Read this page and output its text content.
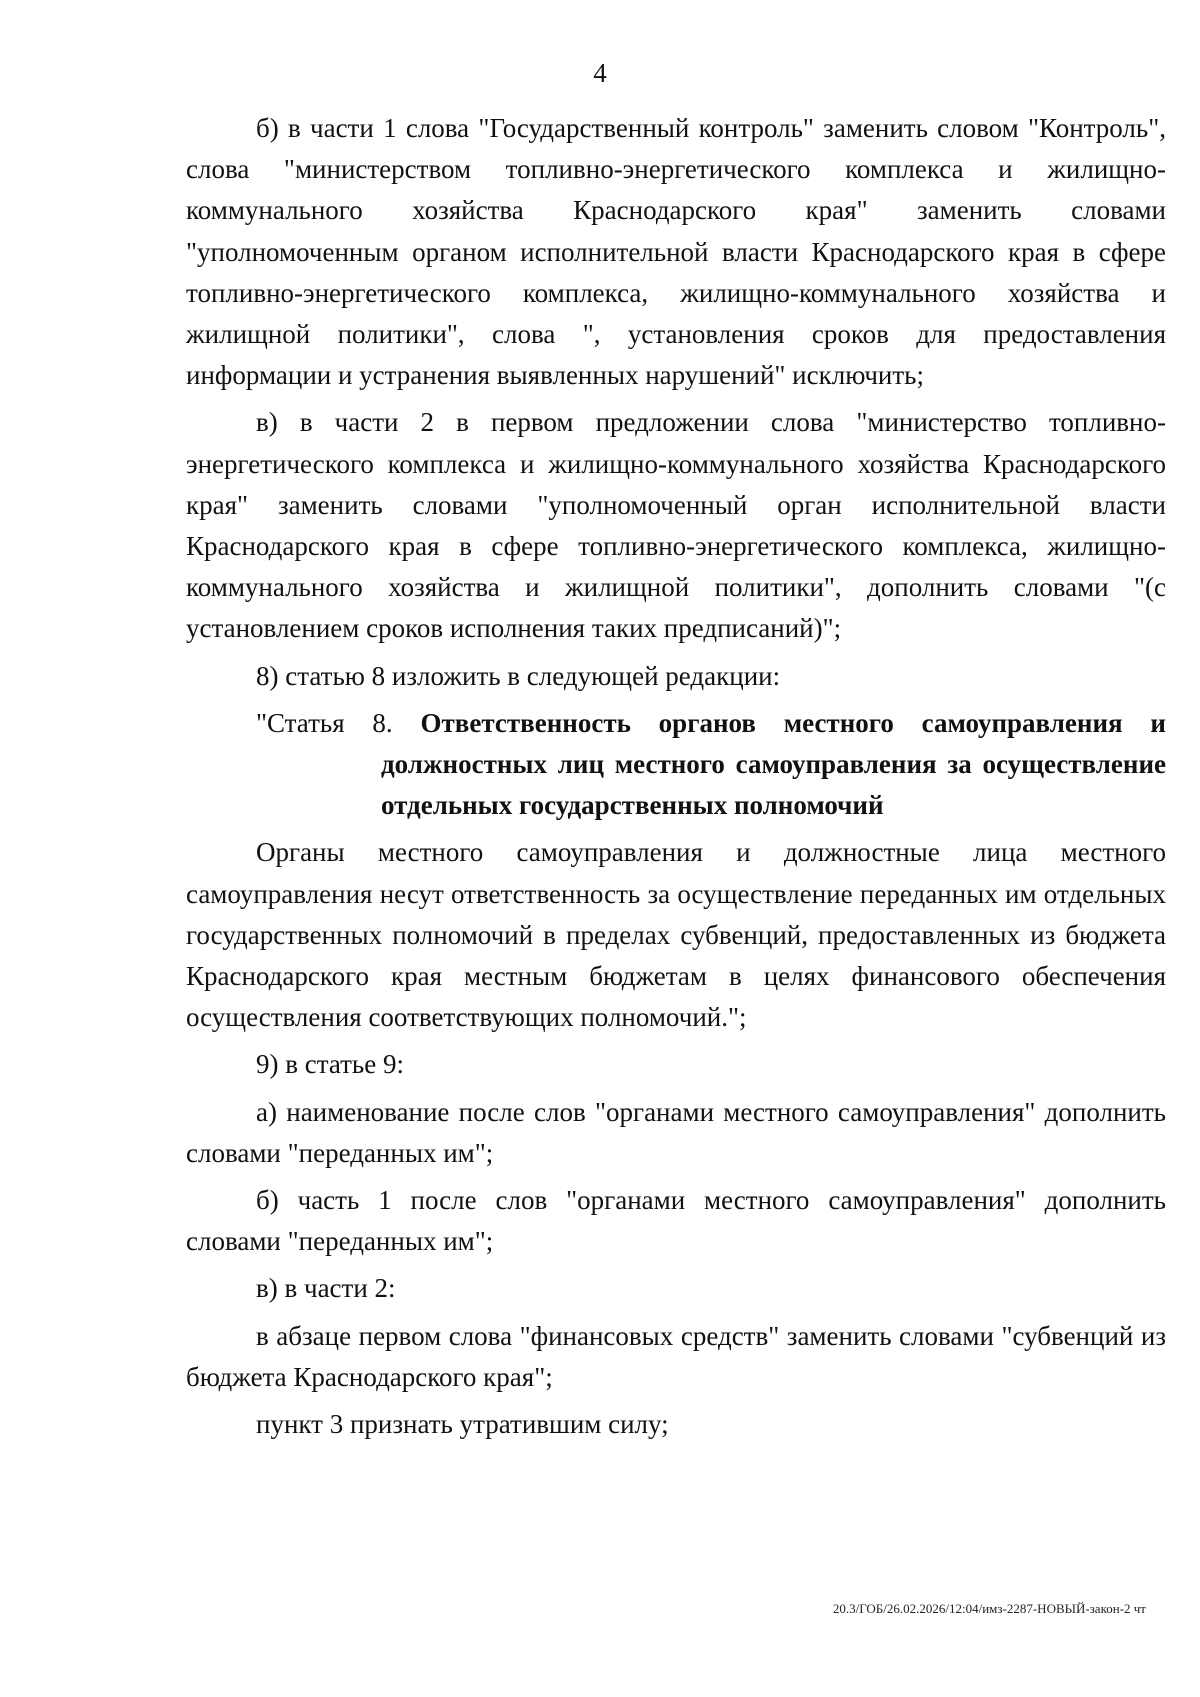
4

б) в части 1 слова "Государственный контроль" заменить словом "Контроль", слова "министерством топливно-энергетического комплекса и жилищно-коммунального хозяйства Краснодарского края" заменить словами "уполномоченным органом исполнительной власти Краснодарского края в сфере топливно-энергетического комплекса, жилищно-коммунального хозяйства и жилищной политики", слова ", установления сроков для предоставления информации и устранения выявленных нарушений" исключить;

в) в части 2 в первом предложении слова "министерство топливно-энергетического комплекса и жилищно-коммунального хозяйства Краснодарского края" заменить словами "уполномоченный орган исполнительной власти Краснодарского края в сфере топливно-энергетического комплекса, жилищно-коммунального хозяйства и жилищной политики", дополнить словами "(с установлением сроков исполнения таких предписаний)";

8) статью 8 изложить в следующей редакции:

"Статья 8. Ответственность органов местного самоуправления и должностных лиц местного самоуправления за осуществление отдельных государственных полномочий

Органы местного самоуправления и должностные лица местного самоуправления несут ответственность за осуществление переданных им отдельных государственных полномочий в пределах субвенций, предоставленных из бюджета Краснодарского края местным бюджетам в целях финансового обеспечения осуществления соответствующих полномочий.";

9) в статье 9:

а) наименование после слов "органами местного самоуправления" дополнить словами "переданных им";

б) часть 1 после слов "органами местного самоуправления" дополнить словами "переданных им";

в) в части 2:

в абзаце первом слова "финансовых средств" заменить словами "субвенций из бюджета Краснодарского края";

пункт 3 признать утратившим силу;

20.3/ГОБ/26.02.2026/12:04/имз-2287-НОВЫЙ-закон-2 чт
